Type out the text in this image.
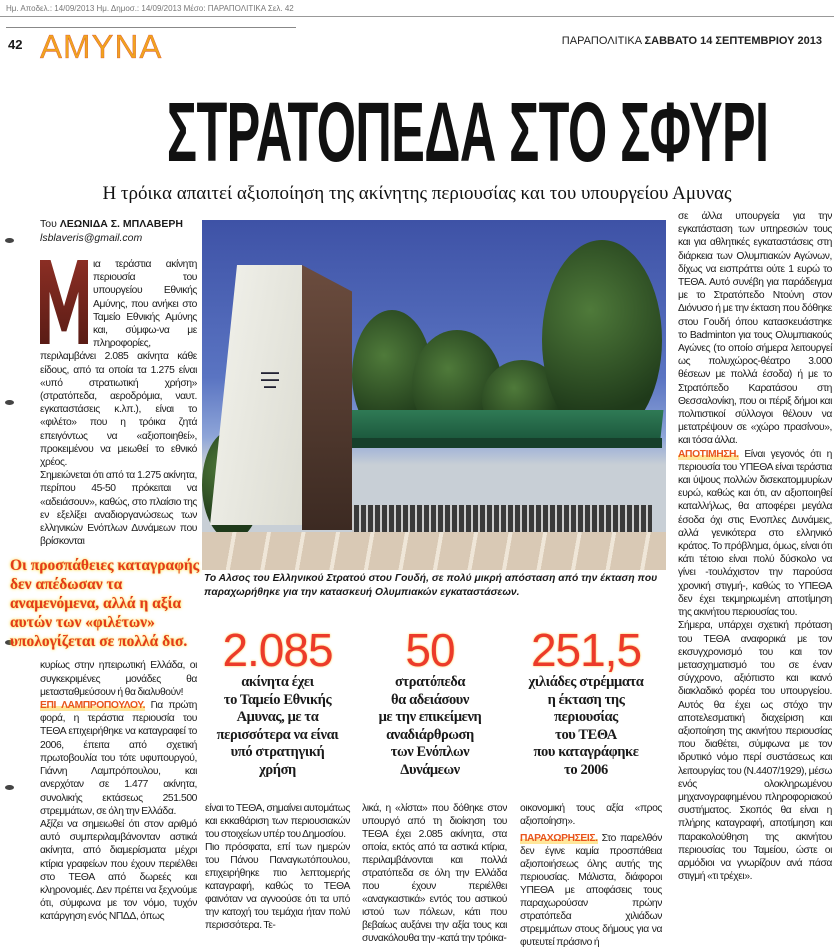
Ημ. Αποδελ.: 14/09/2013 Ημ. Δημοσ.: 14/09/2013 Μέσο: ΠΑΡΑΠΟΛΙΤΙΚΑ Σελ. 42
42 ΑΜΥΝΑ	ΠΑΡΑΠΟΛΙΤΙΚΑ ΣΑΒΒΑΤΟ 14 ΣΕΠΤΕΜΒΡΙΟΥ 2013
ΣΤΡΑΤΟΠΕΔΑ ΣΤΟ ΣΦΥΡΙ
Η τρόικα απαιτεί αξιοποίηση της ακίνητης περιουσίας και του υπουργείου Αμυνας
Του ΛΕΩΝΙΔΑ Σ. ΜΠΛΑΒΕΡΗ
lsblaveris@gmail.com

ια τεράστια ακίνητη περιουσία του υπουργείου Εθνικής Αμύνης, που ανήκει στο Ταμείο Εθνικής Αμύνης και, σύμφω-να με πληροφορίες, περιλαμβάνει 2.085 ακίνητα κάθε είδους, από τα οποία τα 1.275 είναι «υπό στρατιωτική χρήση» (στρατόπεδα, αεροδρόμια, ναυτ. εγκαταστάσεις κ.λπ.), είναι το «φιλέτο» που η τρόικα ζητά επειγόντως να «αξιοποιηθεί», προκειμένου να μειωθεί το εθνικό χρέος.

Σημειώνεται ότι από τα 1.275 ακίνητα, περίπου 45-50 πρόκειται να «αδειάσουν», καθώς, στο πλαίσιο της εν εξελίξει αναδιοργανώσεως των ελληνικών Ενόπλων Δυνάμεων που βρίσκονται

Οι προσπάθειες καταγραφής δεν απέδωσαν τα αναμενόμενα, αλλά η αξία αυτών των «φιλέτων» υπολογίζεται σε πολλά δισ.

κυρίως στην ηπειρωτική Ελλάδα, οι συγκεκριμένες μονάδες θα μετασταθμεύσουν ή θα διαλυθούν!

ΕΠΙ ΛΑΜΠΡΟΠΟΥΛΟΥ. Για πρώτη φορά, η τεράστια περιουσία του ΤΕΘΑ επιχειρήθηκε να καταγραφεί το 2006, έπειτα από σχετική πρωτοβουλία του τότε υφυπουργού, Γιάννη Λαμπρόπουλου, και ανερχόταν σε 1.477 ακίνητα, συνολικής εκτάσεως 251.500 στρεμμάτων, σε όλη την Ελλάδα.

Αξίζει να σημειωθεί ότι στον αριθμό αυτό συμπεριλαμβάνονταν αστικά ακίνητα, από διαμερίσματα μέχρι κτίρια γραφείων που έχουν περιέλθει στο ΤΕΘΑ από δωρεές και κληρονομιές. Δεν πρέπει να ξεχνούμε ότι, σύμφωνα με τον νόμο, τυχόν κατάργηση ενός ΝΠΔΔ, όπως

▬▬▬
▬▬▬
▬▬
Το Αλσος του Ελληνικού Στρατού στου Γουδή, σε πολύ μικρή απόσταση από την έκταση που παραχωρήθηκε για την κατασκευή Ολυμπιακών εγκαταστάσεων.
2.085
ακίνητα έχει
το Ταμείο Εθνικής
Αμυνας, με τα
περισσότερα να είναι
υπό στρατηγική
χρήση
50
στρατόπεδα
θα αδειάσουν
με την επικείμενη
αναδιάρθρωση
των Ενόπλων
Δυνάμεων
251,5
χιλιάδες στρέμματα
η έκταση της
περιουσίας
του ΤΕΘΑ
που καταγράφηκε
το 2006

είναι το ΤΕΘΑ, σημαίνει αυτομάτως και εκκαθάριση των περιουσιακών του στοιχείων υπέρ του Δημοσίου.

Πιο πρόσφατα, επί των ημερών του Πάνου Παναγιωτόπουλου, επιχειρήθηκε πιο λεπτομερής καταγραφή, καθώς το ΤΕΘΑ φαινόταν να αγνοούσε ότι τα υπό την κατοχή του τεμάχια ήταν πολύ περισσότερα. Τε-

λικά, η «λίστα» που δόθηκε στον υπουργό από τη διοίκηση του ΤΕΘΑ έχει 2.085 ακίνητα, στα οποία, εκτός από τα αστικά κτίρια, περιλαμβάνονται και πολλά στρατόπεδα σε όλη την Ελλάδα που έχουν περιέλθει «αναγκαστικά» εντός του αστικού ιστού των πόλεων, κάτι που βεβαίως αυξάνει την αξία τους και συνακόλουθα την -κατά την τρόικα-

οικονομική τους αξία «προς αξιοποίηση».

ΠΑΡΑΧΩΡΗΣΕΙΣ. Στο παρελθόν δεν έγινε καμία προσπάθεια αξιοποιήσεως όλης αυτής της περιουσίας. Μάλιστα, διάφοροι ΥΠΕΘΑ με αποφάσεις τους παραχωρούσαν πρώην στρατόπεδα χιλιάδων στρεμμάτων στους δήμους για να φυτευτεί πράσινο ή

σε άλλα υπουργεία για την εγκατάσταση των υπηρεσιών τους και για αθλητικές εγκαταστάσεις στη διάρκεια των Ολυμπιακών Αγώνων, δίχως να εισπράττει ούτε 1 ευρώ το ΤΕΘΑ. Αυτό συνέβη για παράδειγμα με το Στρατόπεδο Ντούνη στον Διόνυσο ή με την έκταση που δόθηκε στου Γουδή όπου κατασκευάστηκε το Badminton για τους Ολυμπιακούς Αγώνες (το οποίο σήμερα λειτουργεί ως πολυχώρος-θέατρο 3.000 θέσεων με πολλά έσοδα) ή με το Στρατόπεδο Καρατάσου στη Θεσσαλονίκη, που οι πέριξ δήμοι και πολιτιστικοί σύλλογοι θέλουν να μετατρέψουν σε «χώρο πρασίνου», και τόσα άλλα.

ΑΠΟΤΙΜΗΣΗ. Είναι γεγονός ότι η περιουσία του ΥΠΕΘΑ είναι τεράστια και ύψους πολλών δισεκατομμυρίων ευρώ, καθώς και ότι, αν αξιοποιηθεί καταλλήλως, θα αποφέρει μεγάλα έσοδα όχι στις Ενοπλες Δυνάμεις, αλλά γενικότερα στο ελληνικό κράτος. Το πρόβλημα, όμως, είναι ότι κάτι τέτοιο είναι πολύ δύσκολο να γίνει -τουλάχιστον την παρούσα χρονική στιγμή-, καθώς το ΥΠΕΘΑ δεν έχει τεκμηριωμένη αποτίμηση της ακινήτου περιουσίας του.

Σήμερα, υπάρχει σχετική πρόταση του ΤΕΘΑ αναφορικά με τον εκσυγχρονισμό του και τον μετασχηματισμό του σε έναν σύγχρονο, αξιόπιστο και ικανό διακλαδικό φορέα του υπουργείου. Αυτός θα έχει ως στόχο την αποτελεσματική διαχείριση και αξιοποίηση της ακινήτου περιουσίας που διαθέτει, σύμφωνα με τον ιδρυτικό νόμο περί συστάσεως και λειτουργίας του (Ν.4407/1929), μέσω ενός ολοκληρωμένου μηχανογραφημένου πληροφοριακού συστήματος. Σκοπός θα είναι η πλήρης καταγραφή, αποτίμηση και παρακολούθηση της ακινήτου περιουσίας του Ταμείου, ώστε οι αρμόδιοι να γνωρίζουν ανά πάσα στιγμή «τι τρέχει».
